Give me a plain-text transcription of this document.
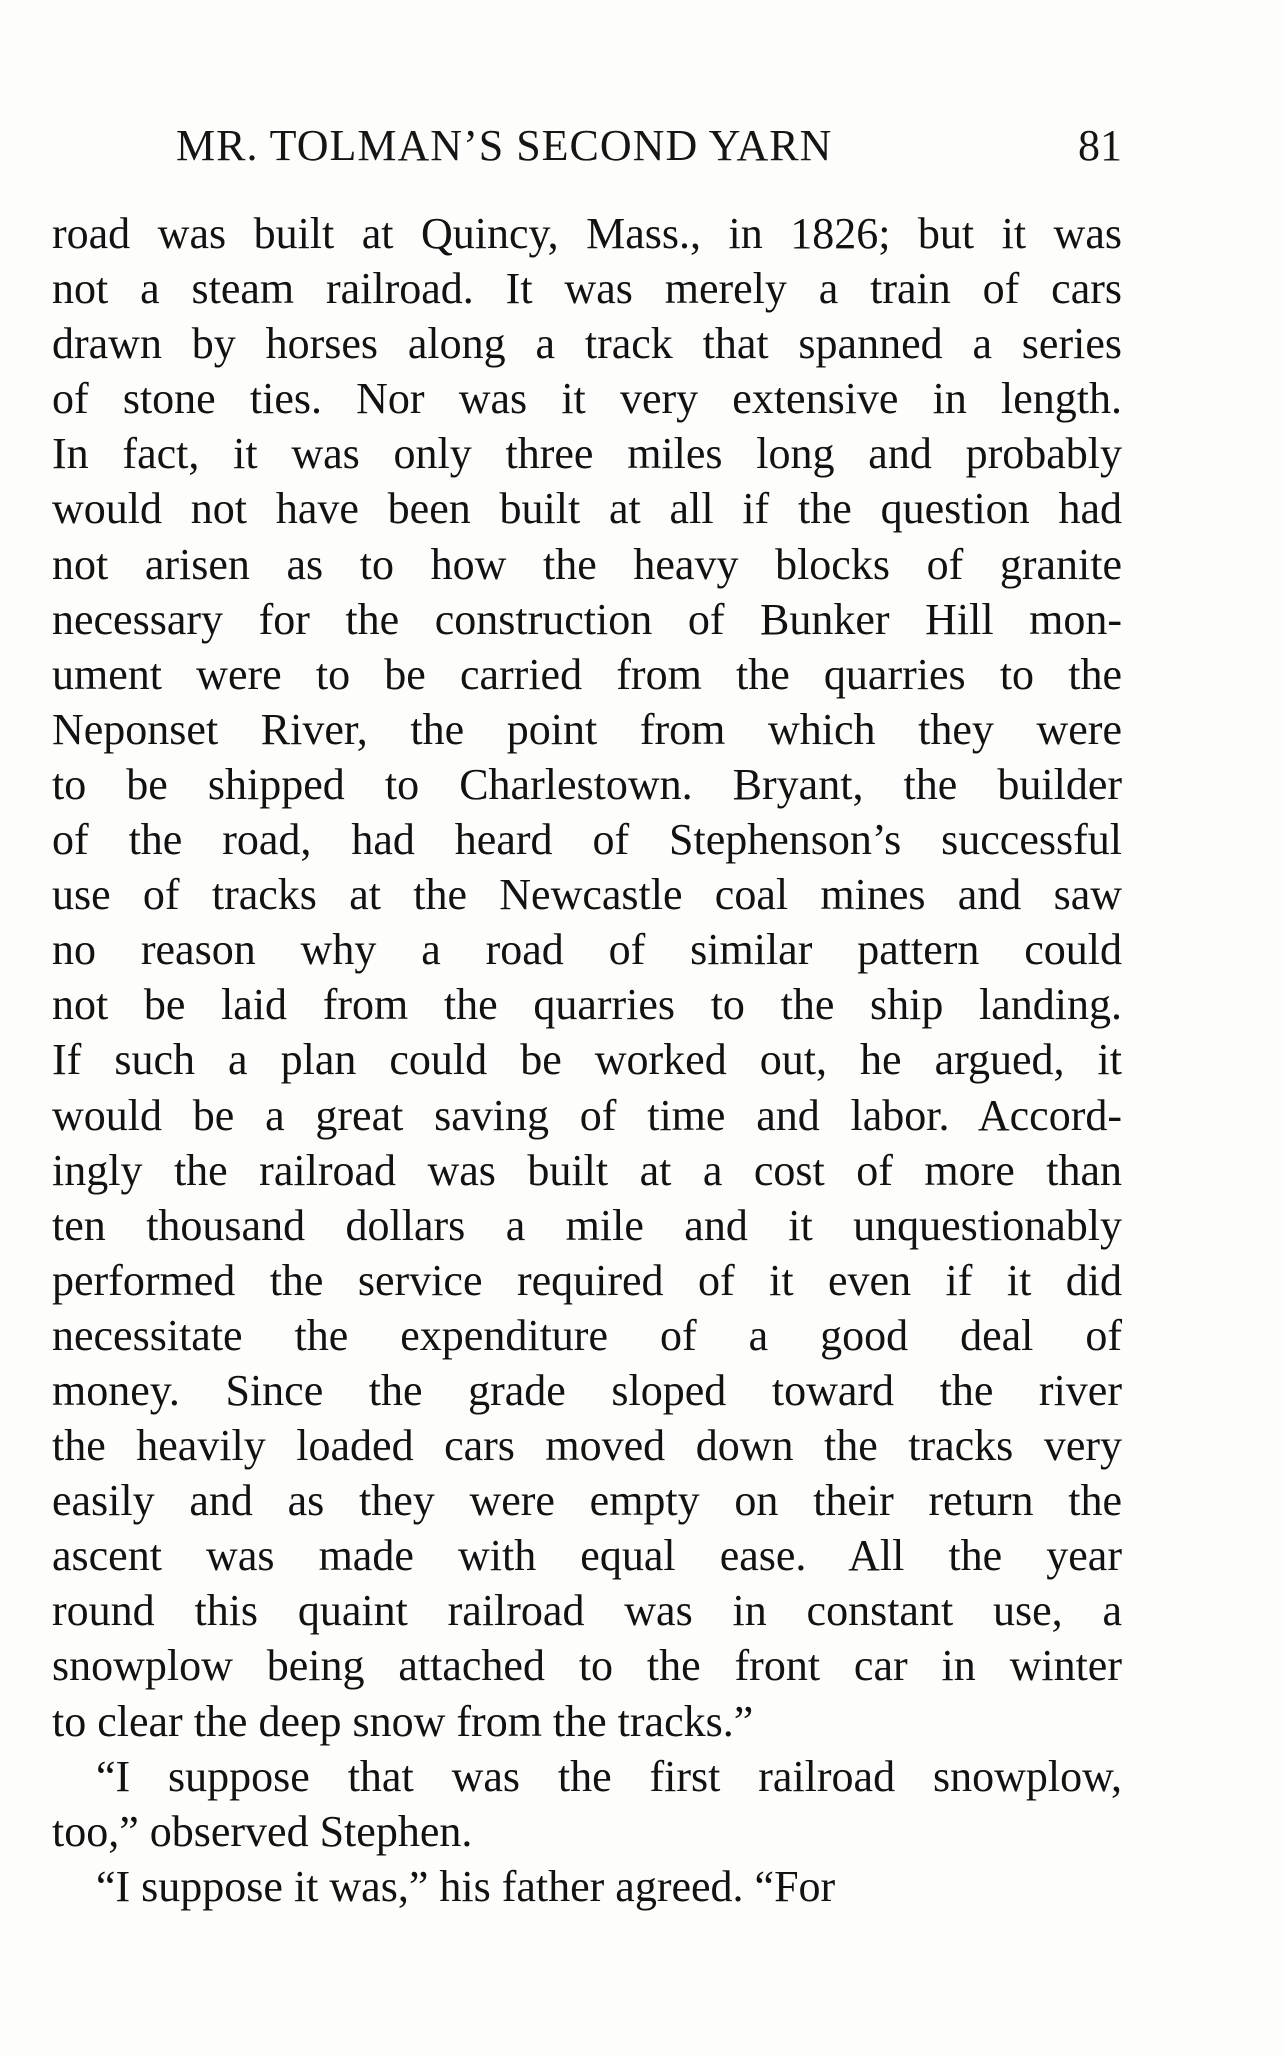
MR. TOLMAN’S SECOND YARN	81
road was built at Quincy, Mass., in 1826; but it was
not a steam railroad. It was merely a train of cars
drawn by horses along a track that spanned a series
of stone ties. Nor was it very extensive in length.
In fact, it was only three miles long and probably
would not have been built at all if the question had
not arisen as to how the heavy blocks of granite
necessary for the construction of Bunker Hill mon-
ument were to be carried from the quarries to the
Neponset River, the point from which they were
to be shipped to Charlestown. Bryant, the builder
of the road, had heard of Stephenson’s successful
use of tracks at the Newcastle coal mines and saw
no reason why a road of similar pattern could
not be laid from the quarries to the ship landing.
If such a plan could be worked out, he argued, it
would be a great saving of time and labor. Accord-
ingly the railroad was built at a cost of more than
ten thousand dollars a mile and it unquestionably
performed the service required of it even if it did
necessitate the expenditure of a good deal of
money. Since the grade sloped toward the river
the heavily loaded cars moved down the tracks very
easily and as they were empty on their return the
ascent was made with equal ease. All the year
round this quaint railroad was in constant use, a
snowplow being attached to the front car in winter
to clear the deep snow from the tracks.”
“I suppose that was the first railroad snowplow,
too,” observed Stephen.
“I suppose it was,” his father agreed. “For
